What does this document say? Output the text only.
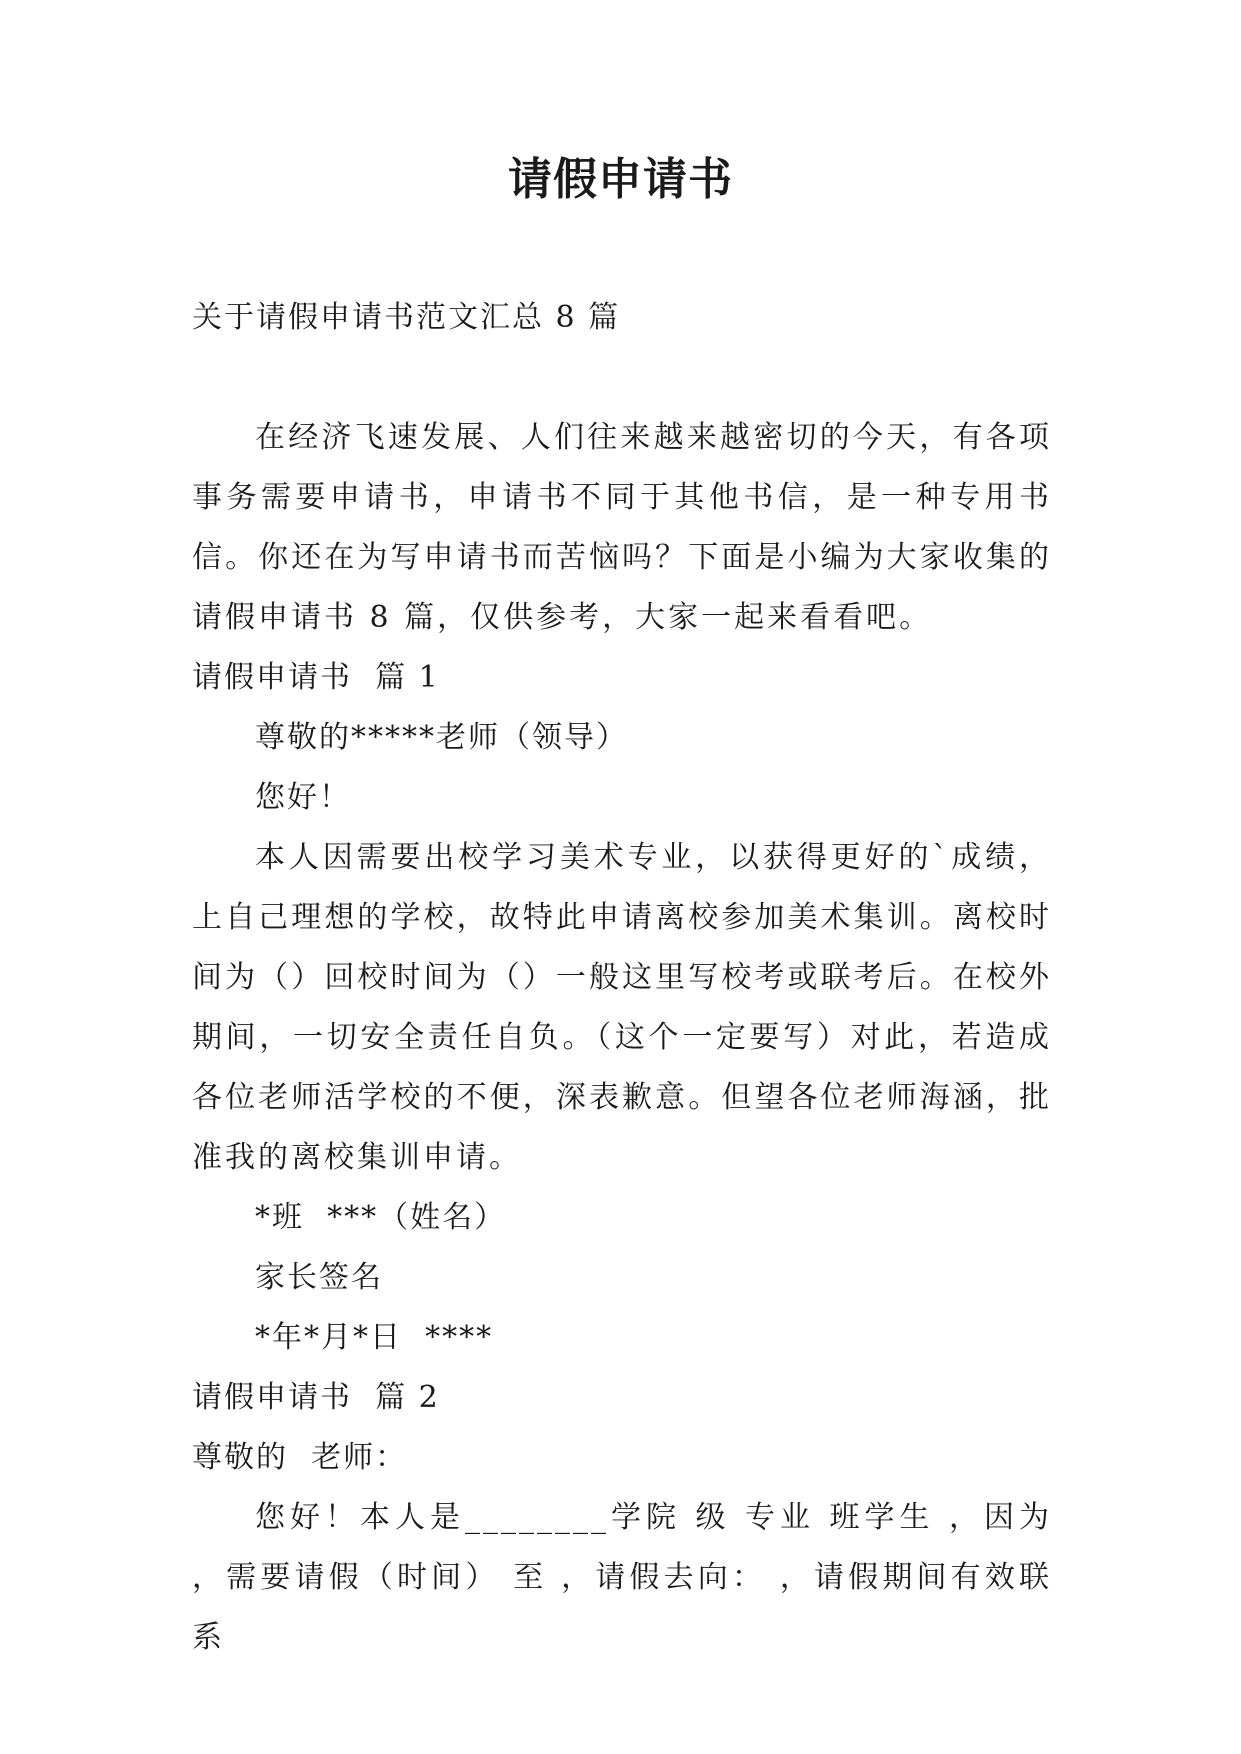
请假申请书
关于请假申请书范文汇总 8 篇

在经济飞速发展、人们往来越来越密切的今天，有各项事务需要申请书，申请书不同于其他书信，是一种专用书信。你还在为写申请书而苦恼吗？下面是小编为大家收集的请假申请书 8 篇，仅供参考，大家一起来看看吧。

请假申请书  篇 1
尊敬的*****老师（领导）
您好！

本人因需要出校学习美术专业，以获得更好的`成绩，上自己理想的学校，故特此申请离校参加美术集训。离校时间为（）回校时间为（）一般这里写校考或联考后。在校外期间，一切安全责任自负。（这个一定要写）对此，若造成各位老师活学校的不便，深表歉意。但望各位老师海涵，批准我的离校集训申请。

*班  ***（姓名）
家长签名
*年*月*日  ****
请假申请书  篇 2
尊敬的  老师：

您好！本人是________学院 级 专业 班学生 ，因为 ，需要请假（时间） 至 ，请假去向： ，请假期间有效联系
